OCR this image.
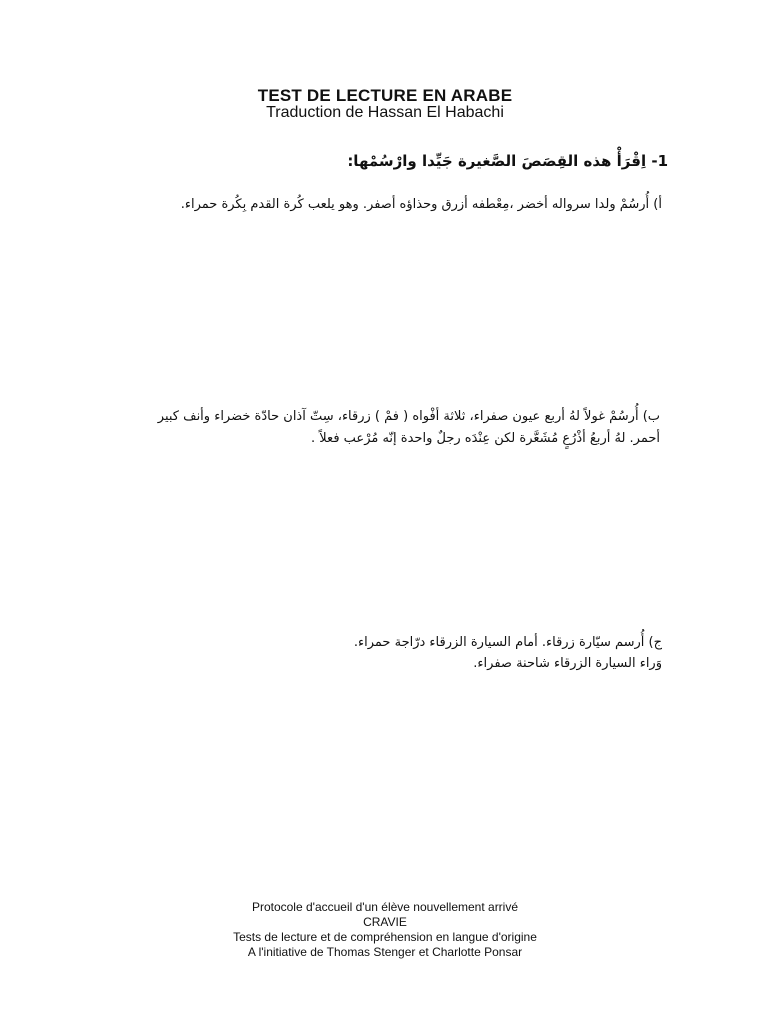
TEST DE LECTURE EN ARABE
Traduction de Hassan El Habachi
1- اِقْرَأْ هذه القِصَصَ الصَّغيرة جَيِّدا وارْسُمْها:
أ) أُرسُمْ ولدا سرواله أخضر ،مِعْطفه أزرق وحذاؤه أصفر. وهو يلعب كُرة القدم بِكُرة حمراء.
ب) أُرسُمْ غولاً لهُ أربع عيون صفراء، ثلاثة أفْواه ( فمْ ) زرقاء، سِتّ آذان حادّة خضراء وأنف كبير
أحمر. لهُ أربعُ أذْرُعٍ مُشَعَّرة لكن عِنْدَه رجلٌ واحدة إنّه مُرْعب فعلاً .
ج) أُرسم سيّارة زرقاء. أمام السيارة الزرقاء درّاجة حمراء.
وَراء السيارة الزرقاء شاحنة صفراء.
Protocole d'accueil d'un élève nouvellement arrivé
CRAVIE
Tests de lecture et de compréhension en langue d'origine
A l'initiative de Thomas Stenger et Charlotte Ponsar
